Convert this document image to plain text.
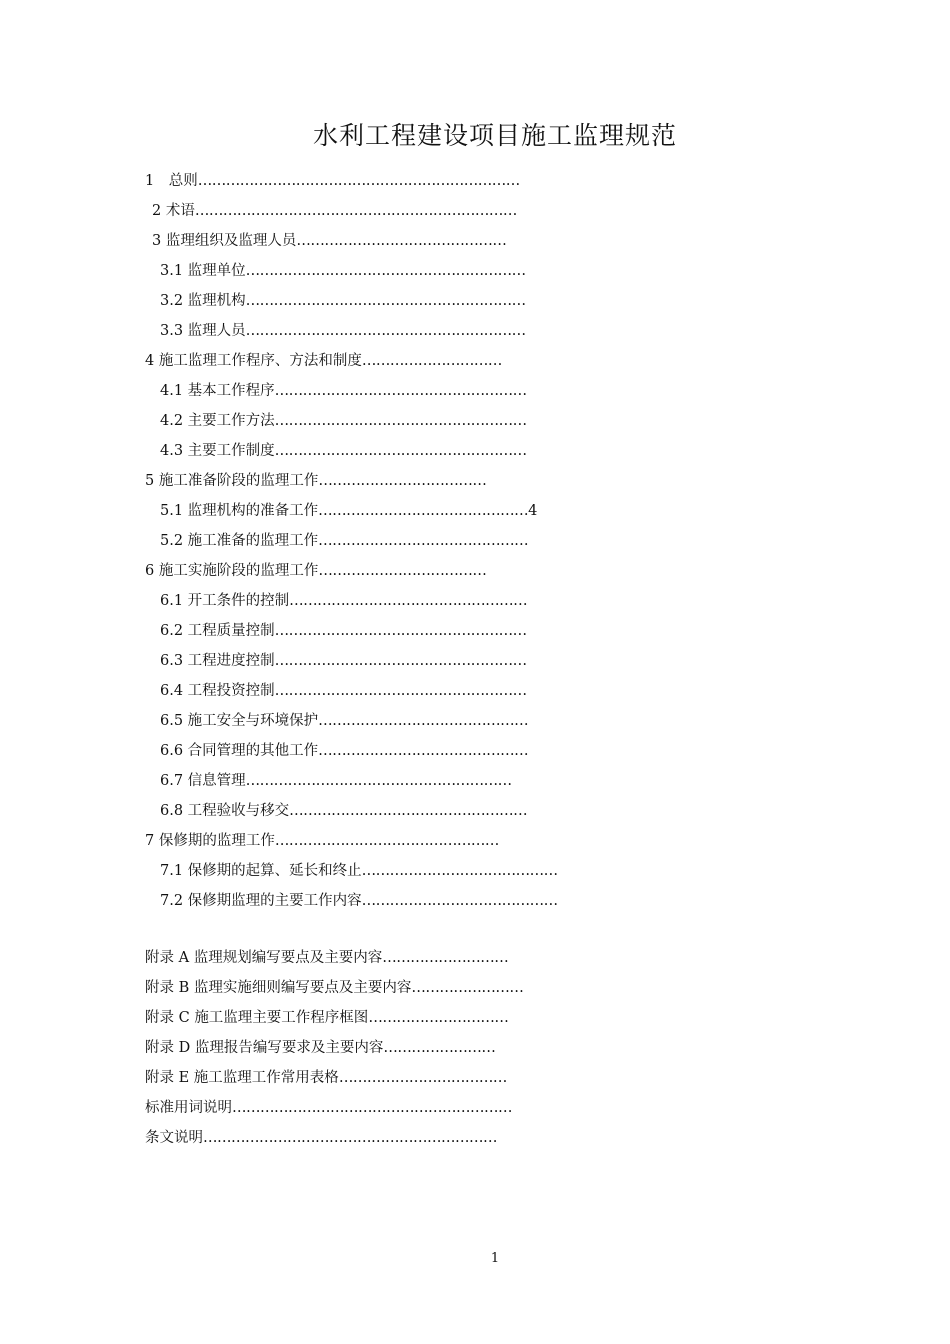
水利工程建设项目施工监理规范
1　总则……………………………………………………………
2 术语……………………………………………………………
3 监理组织及监理人员………………………………………
3.1 监理单位……………………………………………………
3.2 监理机构……………………………………………………
3.3 监理人员……………………………………………………
4 施工监理工作程序、方法和制度…………………………
4.1 基本工作程序………………………………………………
4.2 主要工作方法………………………………………………
4.3 主要工作制度………………………………………………
5 施工准备阶段的监理工作………………………………
5.1 监理机构的准备工作………………………………………4
5.2 施工准备的监理工作………………………………………
6 施工实施阶段的监理工作………………………………
6.1 开工条件的控制……………………………………………
6.2 工程质量控制………………………………………………
6.3 工程进度控制………………………………………………
6.4 工程投资控制………………………………………………
6.5 施工安全与环境保护………………………………………
6.6 合同管理的其他工作………………………………………
6.7 信息管理…………………………………………………
6.8 工程验收与移交……………………………………………
7 保修期的监理工作…………………………………………
7.1 保修期的起算、延长和终止……………………………………
7.2 保修期监理的主要工作内容……………………………………
附录 A 监理规划编写要点及主要内容………………………
附录 B 监理实施细则编写要点及主要内容……………………
附录 C 施工监理主要工作程序框图…………………………
附录 D 监理报告编写要求及主要内容……………………
附录 E 施工监理工作常用表格………………………………
标准用词说明……………………………………………………
条文说明………………………………………………………
1
